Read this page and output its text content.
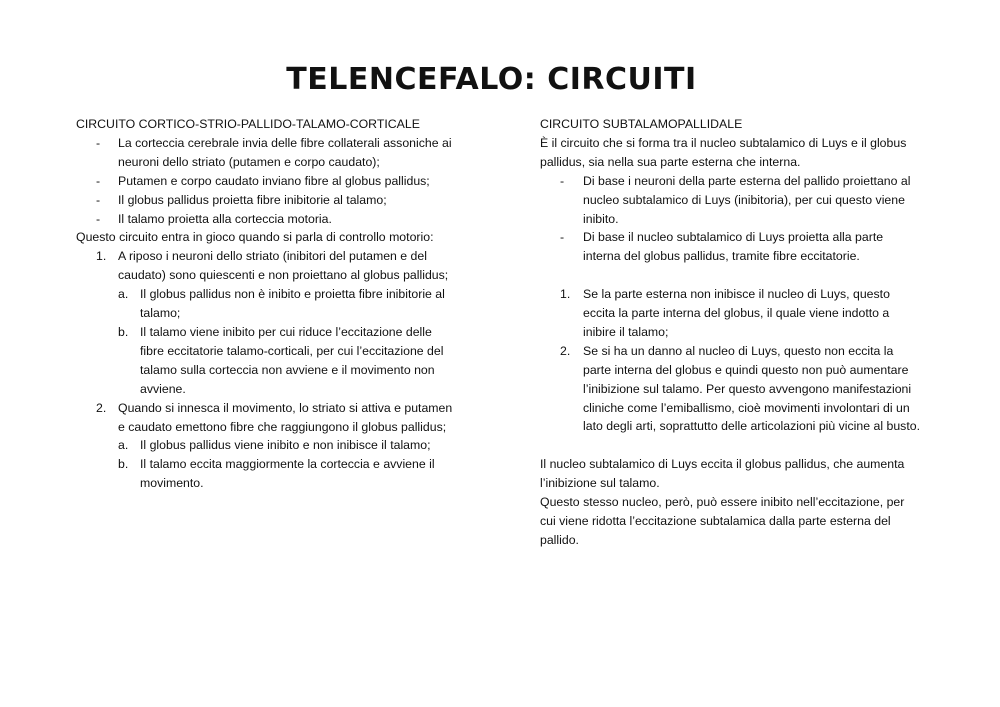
TELENCEFALO: CIRCUITI

CIRCUITO CORTICO-STRIO-PALLIDO-TALAMO-CORTICALE

-	La corteccia cerebrale invia delle fibre collaterali assoniche ai neuroni dello striato (putamen e corpo caudato);
-	Putamen e corpo caudato inviano fibre al globus pallidus;
-	Il globus pallidus proietta fibre inibitorie al talamo;
-	Il talamo proietta alla corteccia motoria.

Questo circuito entra in gioco quando si parla di controllo motorio:

1. A riposo i neuroni dello striato (inibitori del putamen e del caudato) sono quiescenti e non proiettano al globus pallidus;
a. Il globus pallidus non è inibito e proietta fibre inibitorie al talamo;
b. Il talamo viene inibito per cui riduce l’eccitazione delle fibre eccitatorie talamo-corticali, per cui l’eccitazione del talamo sulla corteccia non avviene e il movimento non avviene.
2. Quando si innesca il movimento, lo striato si attiva e putamen e caudato emettono fibre che raggiungono il globus pallidus;
a. Il globus pallidus viene inibito e non inibisce il talamo;
b. Il talamo eccita maggiormente la corteccia e avviene il movimento.

CIRCUITO SUBTALAMOPALLIDALE

È il circuito che si forma tra il nucleo subtalamico di Luys e il globus pallidus, sia nella sua parte esterna che interna.

-	Di base i neuroni della parte esterna del pallido proiettano al nucleo subtalamico di Luys (inibitoria), per cui questo viene inibito.
-	Di base il nucleo subtalamico di Luys proietta alla parte interna del globus pallidus, tramite fibre eccitatorie.
1.	Se la parte esterna non inibisce il nucleo di Luys, questo eccita la parte interna del globus, il quale viene indotto a inibire il talamo;
2.	Se si ha un danno al nucleo di Luys, questo non eccita la parte interna del globus e quindi questo non può aumentare l’inibizione sul talamo. Per questo avvengono manifestazioni cliniche come l’emiballismo, cioè movimenti involontari di un lato degli arti, soprattutto delle articolazioni più vicine al busto.

Il nucleo subtalamico di Luys eccita il globus pallidus, che aumenta l’inibizione sul talamo.

Questo stesso nucleo, però, può essere inibito nell’eccitazione, per cui viene ridotta l’eccitazione subtalamica dalla parte esterna del pallido.
